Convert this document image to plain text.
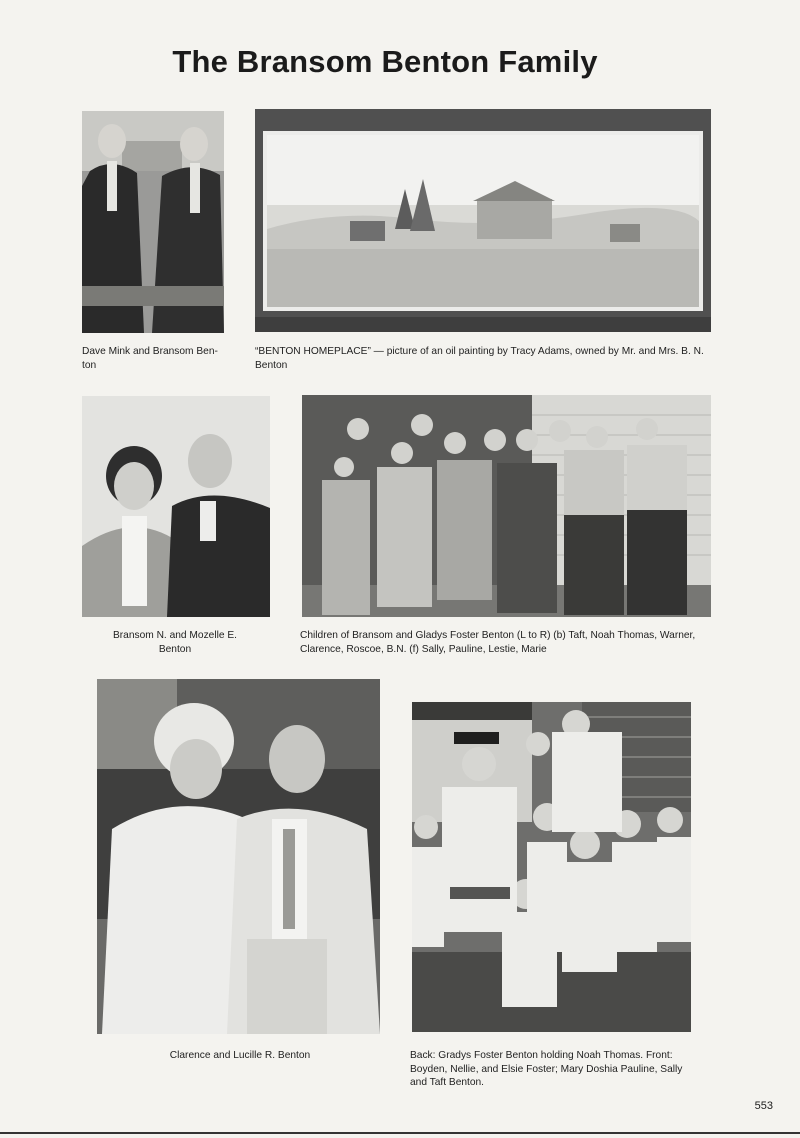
The Bransom Benton Family
Dave Mink and Bransom Ben- ton
“BENTON HOMEPLACE” — picture of an oil painting by Tracy Adams, owned by Mr. and Mrs. B. N. Benton
Bransom N. and Mozelle E. Benton
Children of Bransom and Gladys Foster Benton (L to R) (b) Taft, Noah Thomas, Warner, Clarence, Roscoe, B.N. (f) Sally, Pauline, Lestie, Marie
Clarence and Lucille R. Benton	Back: Gradys Foster Benton holding Noah Thomas. Front: Boyden, Nellie, and Elsie Foster; Mary Doshia Pauline, Sally and Taft Benton.
553
